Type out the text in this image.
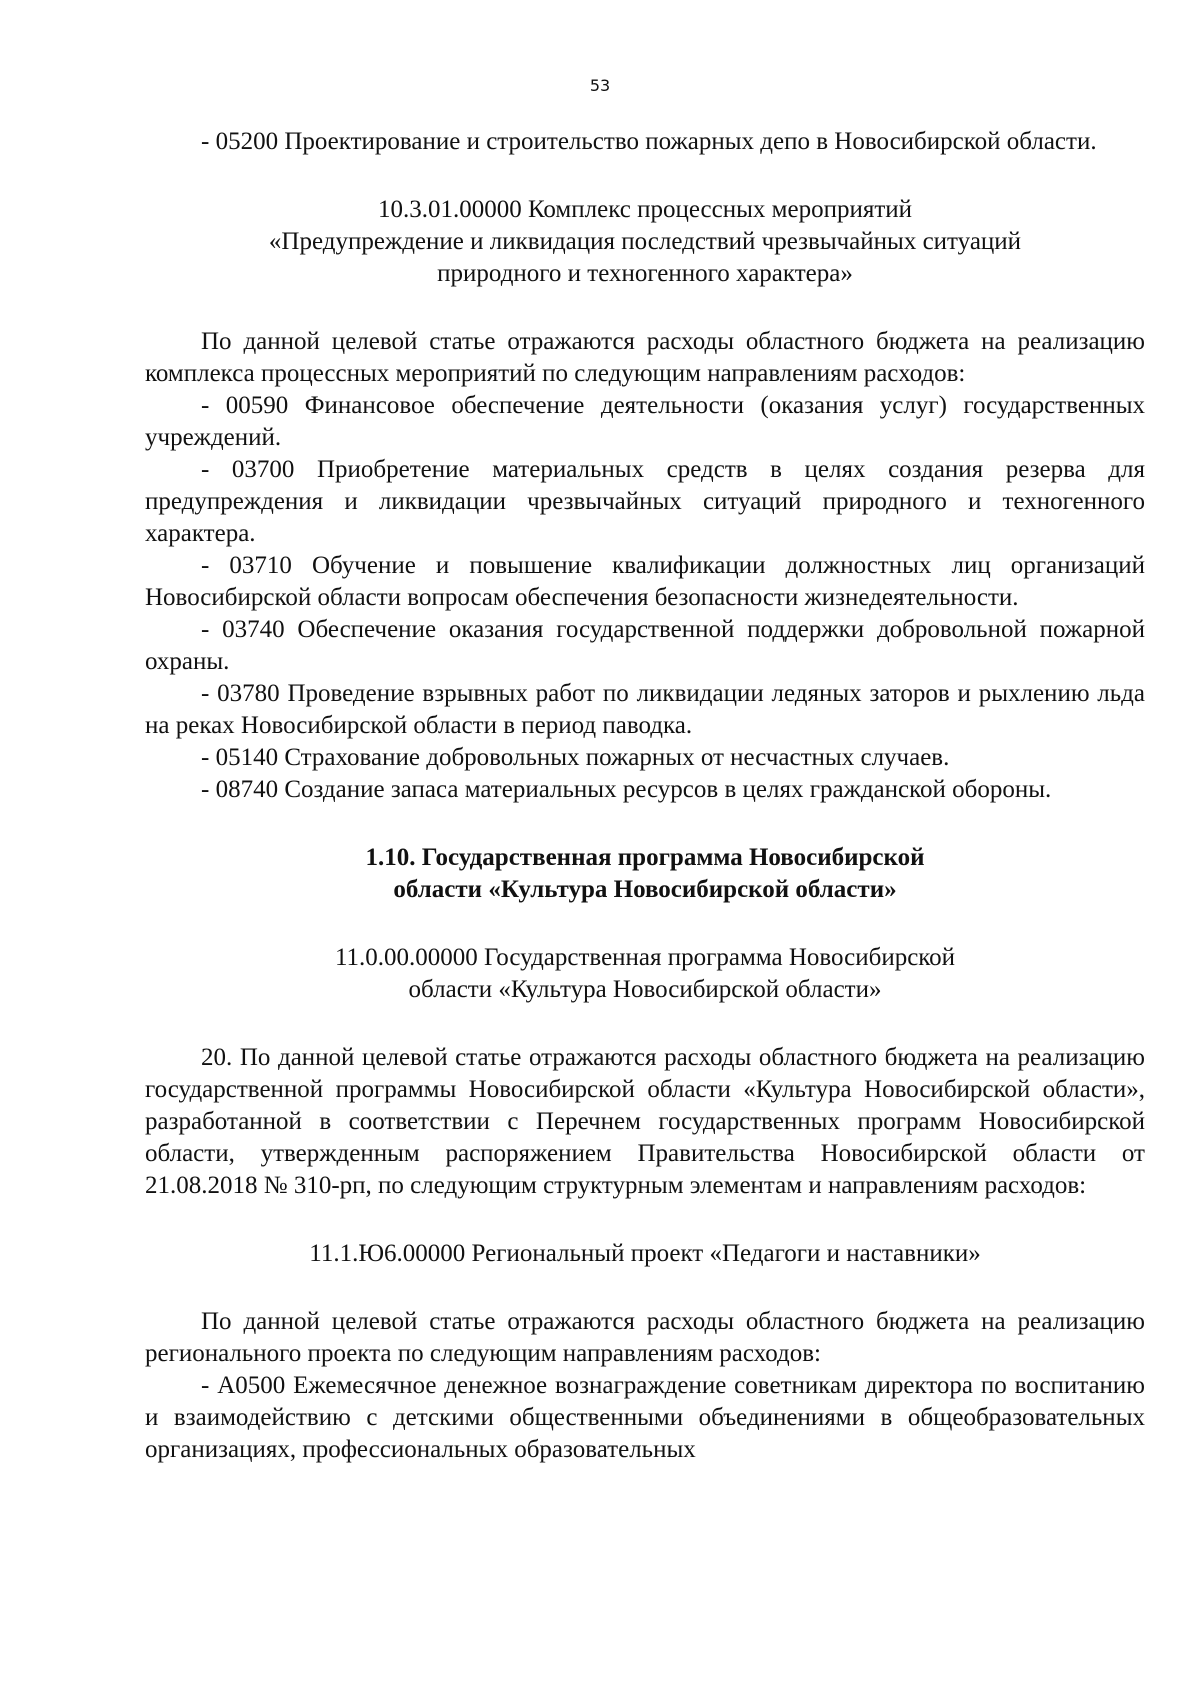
53

- 05200 Проектирование и строительство пожарных депо в Новосибирской области.

10.3.01.00000 Комплекс процессных мероприятий

«Предупреждение и ликвидация последствий чрезвычайных ситуаций

природного и техногенного характера»

По данной целевой статье отражаются расходы областного бюджета на реализацию комплекса процессных мероприятий по следующим направлениям расходов:

- 00590 Финансовое обеспечение деятельности (оказания услуг) государственных учреждений.

- 03700 Приобретение материальных средств в целях создания резерва для предупреждения и ликвидации чрезвычайных ситуаций природного и техногенного характера.

- 03710 Обучение и повышение квалификации должностных лиц организаций Новосибирской области вопросам обеспечения безопасности жизнедеятельности.

- 03740 Обеспечение оказания государственной поддержки добровольной пожарной охраны.

- 03780 Проведение взрывных работ по ликвидации ледяных заторов и рыхлению льда на реках Новосибирской области в период паводка.

- 05140 Страхование добровольных пожарных от несчастных случаев.

- 08740 Создание запаса материальных ресурсов в целях гражданской обороны.

1.10. Государственная программа Новосибирской

области «Культура Новосибирской области»

11.0.00.00000 Государственная программа Новосибирской

области «Культура Новосибирской области»

20. По данной целевой статье отражаются расходы областного бюджета на реализацию государственной программы Новосибирской области «Культура Новосибирской области», разработанной в соответствии с Перечнем государственных программ Новосибирской области, утвержденным распоряжением Правительства Новосибирской области от 21.08.2018 № 310-рп, по следующим структурным элементам и направлениям расходов:

11.1.Ю6.00000 Региональный проект «Педагоги и наставники»

По данной целевой статье отражаются расходы областного бюджета на реализацию регионального проекта по следующим направлениям расходов:

- А0500 Ежемесячное денежное вознаграждение советникам директора по воспитанию и взаимодействию с детскими общественными объединениями в общеобразовательных организациях, профессиональных образовательных
